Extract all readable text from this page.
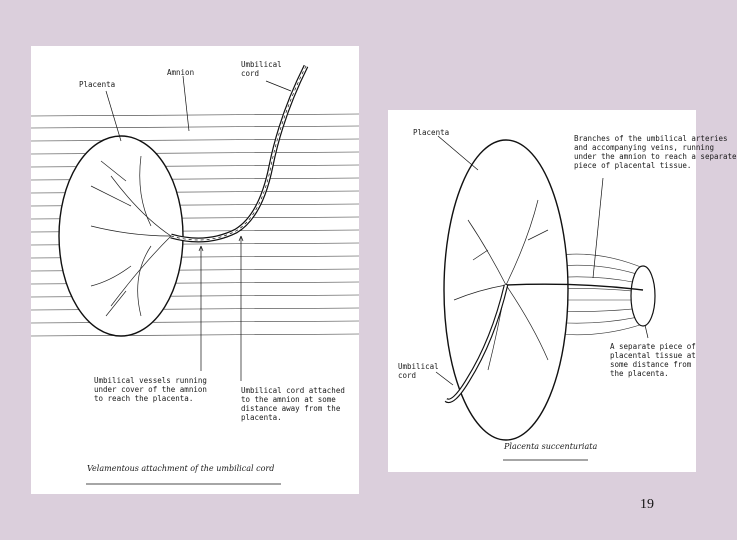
Placenta
Amnion
Umbilical
cord
Umbilical vessels running
under cover of the amnion
to reach the placenta.
Umbilical cord attached
to the amnion at some
distance away from the
placenta.
Velamentous attachment of the umbilical cord
Placenta
Branches of the umbilical arteries
and accompanying veins, running
under the amnion to reach a separate
piece of placental tissue.
Umbilical
cord
A separate piece of
placental tissue at
some distance from
the placenta.
Placenta succenturiata
19
